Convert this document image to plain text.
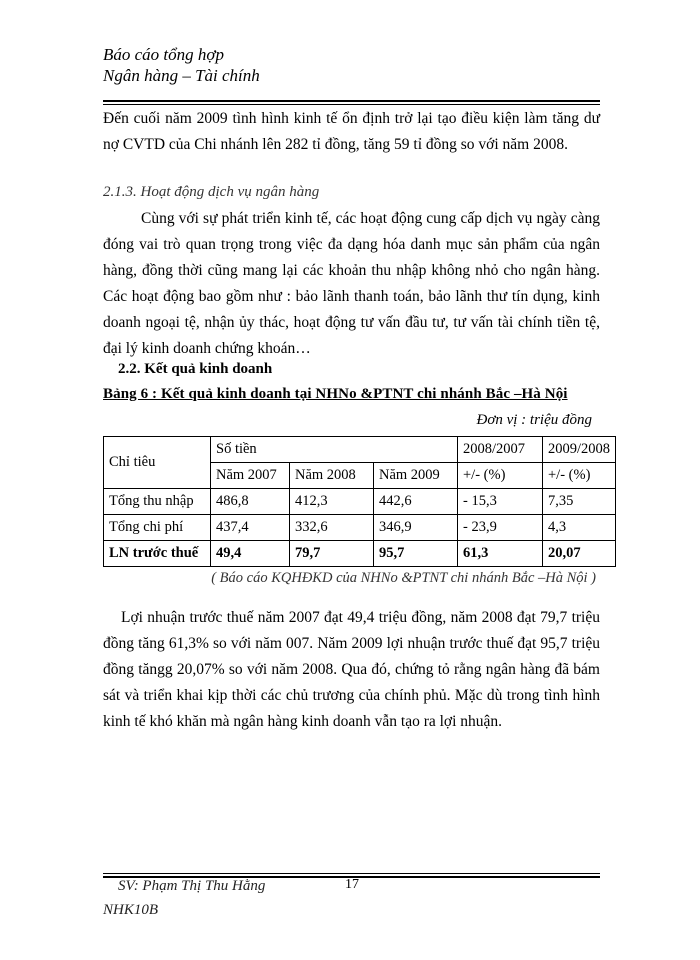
Báo cáo tổng hợp
Ngân hàng – Tài chính
Đến cuối năm 2009 tình hình kinh tế ổn định trở lại tạo điều kiện làm tăng dư nợ CVTD của Chi nhánh lên 282 tỉ đồng, tăng 59 tỉ đồng so với năm 2008.
2.1.3. Hoạt động dịch vụ ngân hàng
Cùng với sự phát triển kinh tế, các hoạt động cung cấp dịch vụ ngày càng đóng vai trò quan trọng trong việc đa dạng hóa danh mục sản phẩm của ngân hàng, đồng thời cũng mang lại các khoản thu nhập không nhỏ cho ngân hàng. Các hoạt động bao gồm như : bảo lãnh thanh toán, bảo lãnh thư tín dụng, kinh doanh ngoại tệ, nhận ủy thác, hoạt động tư vấn đầu tư, tư vấn tài chính tiền tệ, đại lý kinh doanh chứng khoán…
2.2. Kết quả kinh doanh
Bảng 6 : Kết quả kinh doanh tại NHNo &PTNT chi nhánh Bắc –Hà Nội
Đơn vị : triệu đồng
Chỉ tiêu	Số tiền			2008/2007	2009/2008
	Năm 2007	Năm 2008	Năm 2009	+/- (%)	+/- (%)
Tổng thu nhập	486,8	412,3	442,6	- 15,3	7,35
Tổng chi phí	437,4	332,6	346,9	- 23,9	4,3
LN trước thuế	49,4	79,7	95,7	61,3	20,07
( Báo cáo KQHĐKD của NHNo &PTNT chi nhánh Bắc –Hà Nội )
Lợi nhuận trước thuế năm 2007 đạt 49,4 triệu đồng, năm 2008 đạt 79,7 triệu đồng tăng 61,3% so với năm 007. Năm 2009 lợi nhuận trước thuế đạt 95,7 triệu đồng tăngg 20,07% so với năm 2008. Qua đó, chứng tỏ rằng ngân hàng đã bám sát và triển khai kịp thời các chủ trương của chính phủ. Mặc dù trong tình hình kinh tế khó khăn mà ngân hàng kinh doanh vẫn tạo ra lợi nhuận.
SV: Phạm Thị Thu Hằng	17
NHK10B
